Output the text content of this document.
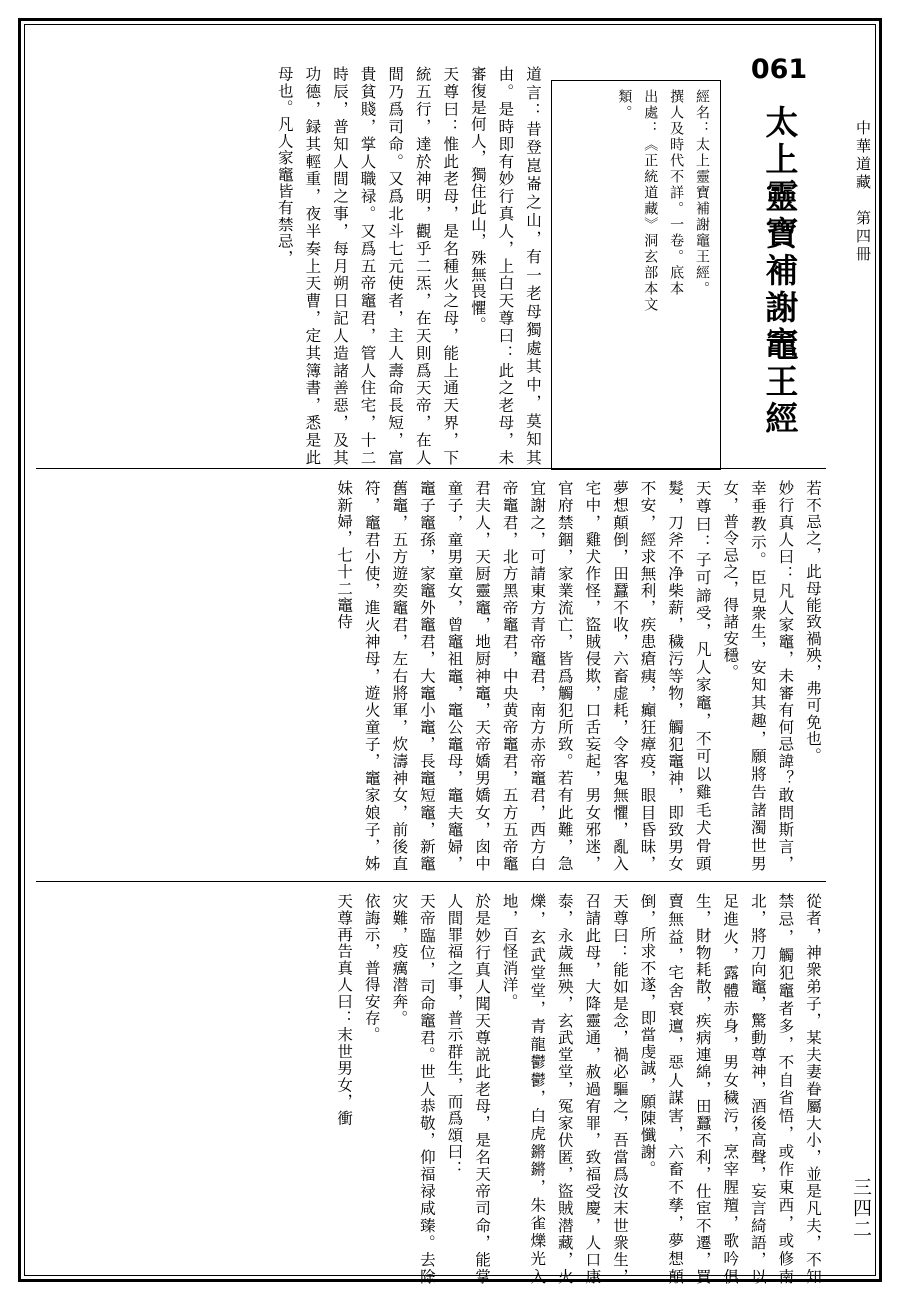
中華道藏　第四冊
三四二
061
太上靈寶補謝竈王經

經名：太上靈寶補謝竈王經。

撰人及時代不詳。一卷。底本

出處：《正統道藏》洞玄部本文

類。

道言：昔登崑崙之山，有一老母獨處其中，莫知其由。是時即有妙行真人，上白天尊曰：此之老母，未審復是何人，獨住此山，殊無畏懼。

天尊曰：惟此老母，是名種火之母，能上通天界，下統五行，達於神明，觀乎二炁，在天則爲天帝，在人間乃爲司命。又爲北斗七元使者，主人壽命長短，富貴貧賤，掌人職禄。又爲五帝竈君，管人住宅，十二時辰，普知人間之事，每月朔日記人造諸善惡，及其功德，録其輕重，夜半奏上天曹，定其簿書，悉是此母也。凡人家竈皆有禁忌，

若不忌之，此母能致禍殃，弗可免也。

妙行真人曰：凡人家竈，未審有何忌諱？敢問斯言，幸垂教示。臣見衆生，安知其趣，願將告諸濁世男女，普令忌之，得諸安穩。

天尊曰：子可諦受，凡人家竈，不可以雞毛犬骨頭髮，刀斧不净柴薪，穢污等物，觸犯竈神，即致男女不安，經求無利，疾患瘡痍，癲狂瘴疫，眼目昏昧，夢想顛倒，田蠶不收，六畜虚耗，令客鬼無懼，亂入宅中，雞犬作怪，盜賊侵欺，口舌妄起，男女邪迷，官府禁錮，家業流亡，皆爲觸犯所致。若有此難，急宜謝之，可請東方青帝竈君，南方赤帝竈君，西方白帝竈君，北方黑帝竈君，中央黄帝竈君，五方五帝竈君夫人，天厨靈竈，地厨神竈，天帝嬌男嬌女，囱中童子，童男童女，曾竈祖竈，竈公竈母，竈夫竈婦，竈子竈孫，家竈外竈君，大竈小竈，長竈短竈，新竈舊竈，五方遊奕竈君，左右將軍，炊濤神女，前後直符，竈君小使，進火神母，遊火童子，竈家娘子，姊妹新婦，七十二竈侍

從者，神衆弟子，某夫妻眷屬大小，並是凡夫，不知禁忌，觸犯竈者多，不自省悟，或作東西，或修南北，將刀向竈，驚動尊神，酒後高聲，妄言綺語，以足進火，露體赤身，男女穢污，烹宰腥羶，歌吟俱生，財物耗散，疾病連綿，田蠶不利，仕宦不遷，買賣無益，宅舍衰邅，惡人謀害，六畜不孳，夢想顛倒，所求不遂，即當虔誠，願陳懺謝。

天尊曰：能如是念，禍必驅之，吾當爲汝末世衆生，召請此母，大降靈通，赦過宥罪，致福受慶，人口康泰，永歲無殃，玄武堂堂，冤家伏匿，盜賊潜藏，火爍，玄武堂堂，青龍鬱鬱，白虎鏘鏘，朱雀爍光入地，百怪消洋。

於是妙行真人聞天尊説此老母，是名天帝司命，能掌人間罪福之事，普示群生，而爲頌曰：

天帝臨位，司命竈君。世人恭敬，仰福禄咸臻。去除灾難，疫癘潜奔。

依誨示，普得安存。

天尊再告真人曰：末世男女，衝
